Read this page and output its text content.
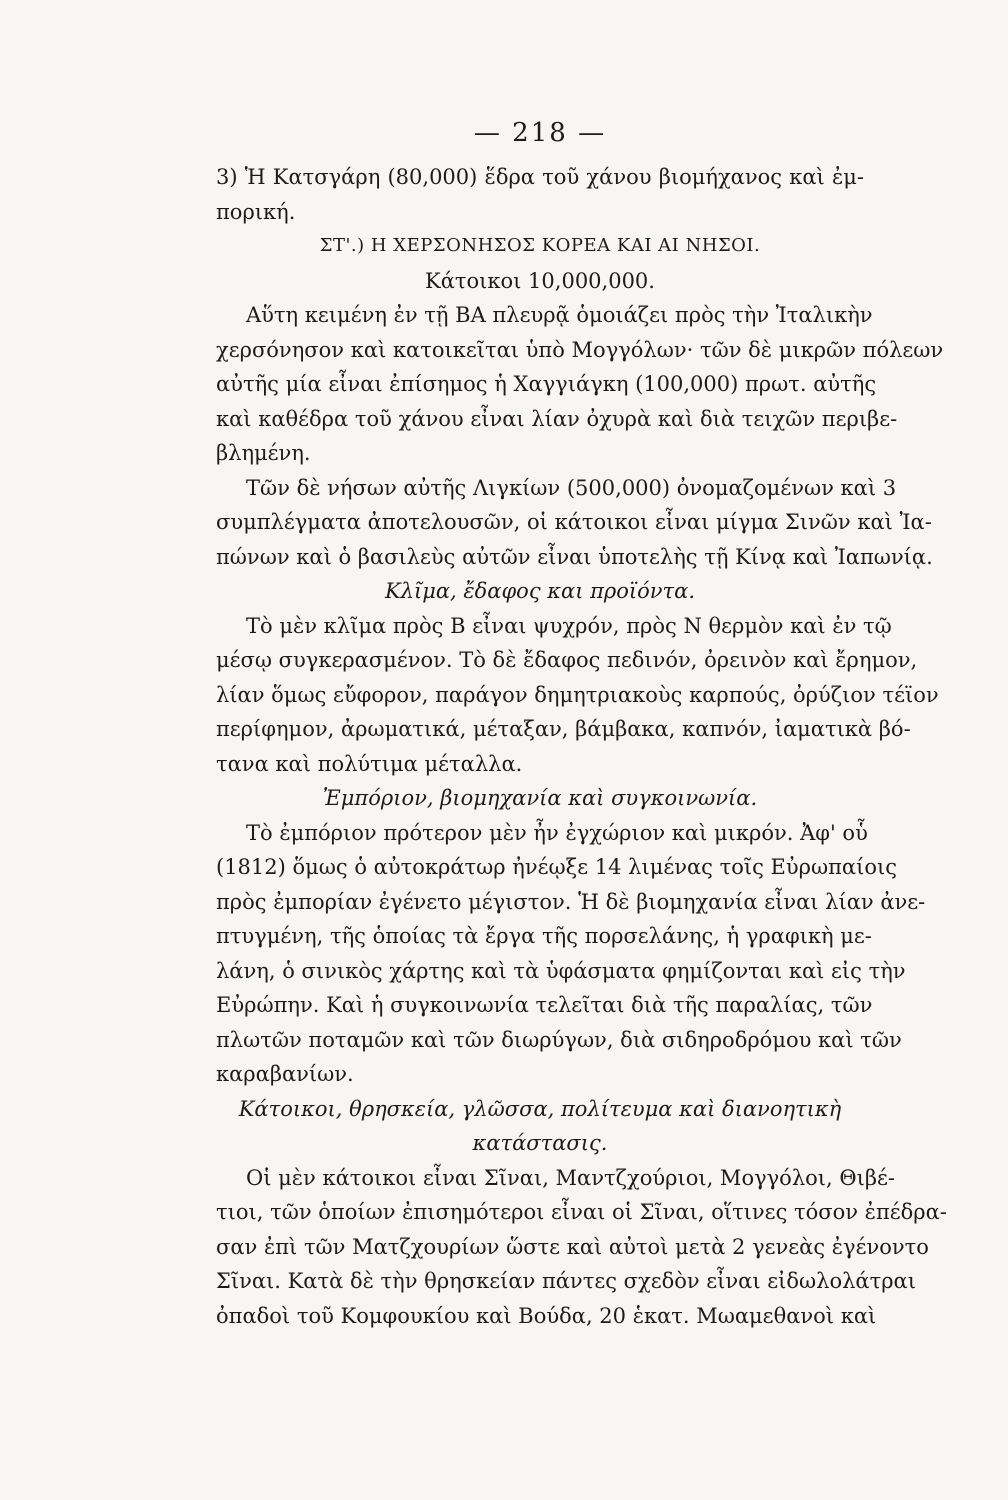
— 218 —
3) Ἡ Κατσγάρη (80,000) ἕδρα τοῦ χάνου βιομήχανος καὶ ἐμ-
πορική.
ΣΤ'.) Η ΧΕΡΣΟΝΗΣΟΣ ΚΟΡΕΑ ΚΑΙ ΑΙ ΝΗΣΟΙ.
Κάτοικοι 10,000,000.
Αὕτη κειμένη ἐν τῇ ΒΑ πλευρᾷ ὁμοιάζει πρὸς τὴν Ἰταλικὴν
χερσόνησον καὶ κατοικεῖται ὑπὸ Μογγόλων· τῶν δὲ μικρῶν πόλεων
αὐτῆς μία εἶναι ἐπίσημος ἡ Χαγγιάγκη (100,000) πρωτ. αὐτῆς
καὶ καθέδρα τοῦ χάνου εἶναι λίαν ὀχυρὰ καὶ διὰ τειχῶν περιβε-
βλημένη.
Τῶν δὲ νήσων αὐτῆς Λιγκίων (500,000) ὀνομαζομένων καὶ 3
συμπλέγματα ἀποτελουσῶν, οἱ κάτοικοι εἶναι μίγμα Σινῶν καὶ Ἰα-
πώνων καὶ ὁ βασιλεὺς αὐτῶν εἶναι ὑποτελὴς τῇ Κίνᾳ καὶ Ἰαπωνίᾳ.
Κλῖμα, ἔδαφος και προϊόντα.
Τὸ μὲν κλῖμα πρὸς Β εἶναι ψυχρόν, πρὸς Ν θερμὸν καὶ ἐν τῷ
μέσῳ συγκερασμένον. Τὸ δὲ ἔδαφος πεδινόν, ὀρεινὸν καὶ ἔρημον,
λίαν ὅμως εὔφορον, παράγον δημητριακοὺς καρπούς, ὀρύζιον τέϊον
περίφημον, ἀρωματικά, μέταξαν, βάμβακα, καπνόν, ἰαματικὰ βό-
τανα καὶ πολύτιμα μέταλλα.
Ἐμπόριον, βιομηχανία καὶ συγκοινωνία.
Τὸ ἐμπόριον πρότερον μὲν ἦν ἐγχώριον καὶ μικρόν. Ἀφ' οὗ
(1812) ὅμως ὁ αὐτοκράτωρ ἠνέῳξε 14 λιμένας τοῖς Εὐρωπαίοις
πρὸς ἐμπορίαν ἐγένετο μέγιστον. Ἡ δὲ βιομηχανία εἶναι λίαν ἀνε-
πτυγμένη, τῆς ὁποίας τὰ ἔργα τῆς πορσελάνης, ἡ γραφικὴ με-
λάνη, ὁ σινικὸς χάρτης καὶ τὰ ὑφάσματα φημίζονται καὶ εἰς τὴν
Εὐρώπην. Καὶ ἡ συγκοινωνία τελεῖται διὰ τῆς παραλίας, τῶν
πλωτῶν ποταμῶν καὶ τῶν διωρύγων, διὰ σιδηροδρόμου καὶ τῶν
καραβανίων.
Κάτοικοι, θρησκεία, γλῶσσα, πολίτευμα καὶ διανοητικὴ
κατάστασις.
Οἱ μὲν κάτοικοι εἶναι Σῖναι, Μαντζχούριοι, Μογγόλοι, Θιβέ-
τιοι, τῶν ὁποίων ἐπισημότεροι εἶναι οἱ Σῖναι, οἵτινες τόσον ἐπέδρα-
σαν ἐπὶ τῶν Ματζχουρίων ὥστε καὶ αὐτοὶ μετὰ 2 γενεὰς ἐγένοντο
Σῖναι. Κατὰ δὲ τὴν θρησκείαν πάντες σχεδὸν εἶναι εἰδωλολάτραι
ὀπαδοὶ τοῦ Κομφουκίου καὶ Βούδα, 20 ἑκατ. Μωαμεθανοὶ καὶ
